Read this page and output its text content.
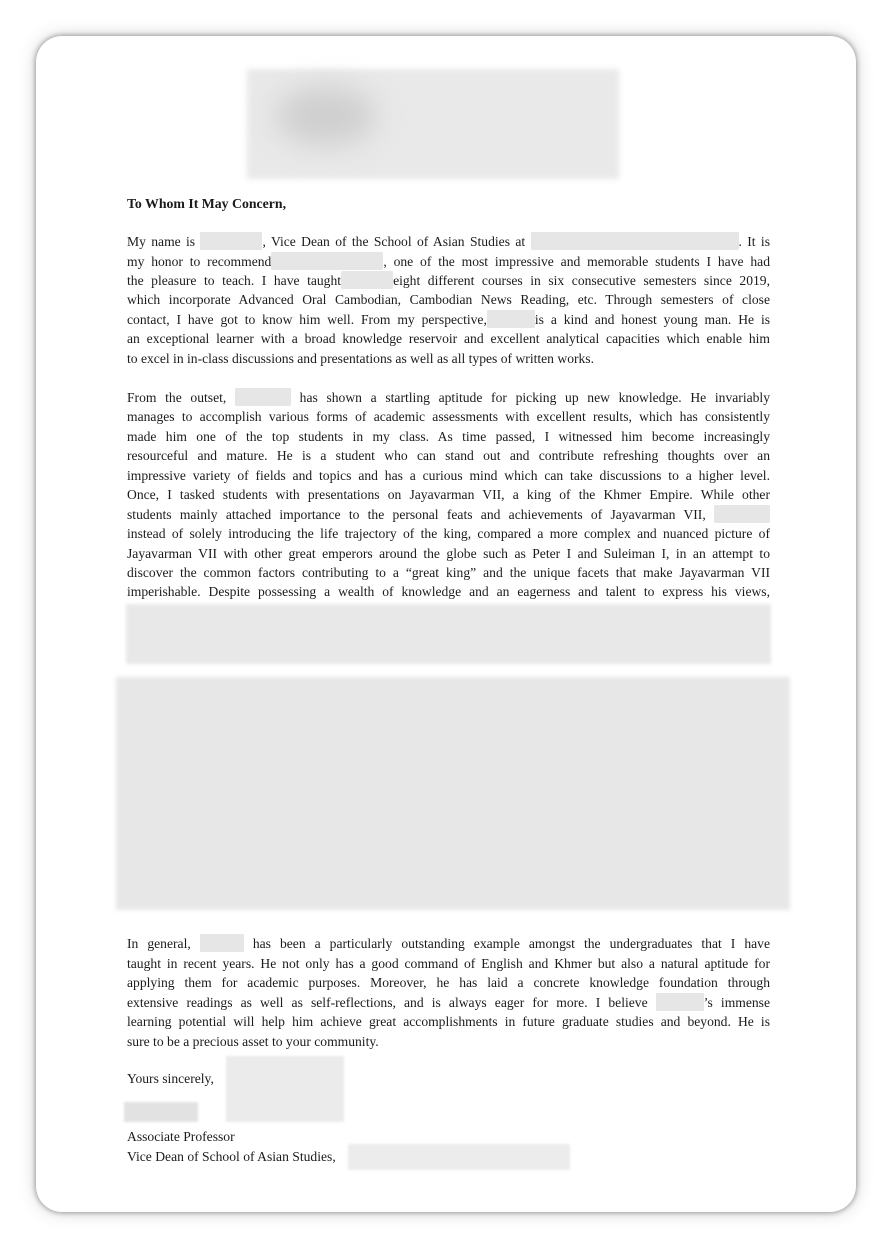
To Whom It May Concern,
My name is	, Vice Dean of the School of Asian Studies at	. It is
my honor to recommend	, one of the most impressive and memorable students I have had
the pleasure to teach. I have taught	eight different courses in six consecutive semesters since 2019,
which incorporate Advanced Oral Cambodian, Cambodian News Reading, etc. Through semesters of close
contact, I have got to know him well. From my perspective,	is a kind and honest young man. He is
an exceptional learner with a broad knowledge reservoir and excellent analytical capacities which enable him
to excel in in-class discussions and presentations as well as all types of written works.
From the outset,	has shown a startling aptitude for picking up new knowledge. He invariably
manages to accomplish various forms of academic assessments with excellent results, which has consistently
made him one of the top students in my class. As time passed, I witnessed him become increasingly
resourceful and mature. He is a student who can stand out and contribute refreshing thoughts over an
impressive variety of fields and topics and has a curious mind which can take discussions to a higher level.
Once, I tasked students with presentations on Jayavarman VII, a king of the Khmer Empire. While other
students mainly attached importance to the personal feats and achievements of Jayavarman VII,
instead of solely introducing the life trajectory of the king, compared a more complex and nuanced picture of
Jayavarman VII with other great emperors around the globe such as Peter I and Suleiman I, in an attempt to
discover the common factors contributing to a “great king” and the unique facets that make Jayavarman VII
imperishable. Despite possessing a wealth of knowledge and an eagerness and talent to express his views,
In general,	has been a particularly outstanding example amongst the undergraduates that I have
taught in recent years. He not only has a good command of English and Khmer but also a natural aptitude for
applying them for academic purposes. Moreover, he has laid a concrete knowledge foundation through
extensive readings as well as self-reflections, and is always eager for more. I believe	’s immense
learning potential will help him achieve great accomplishments in future graduate studies and beyond. He is
sure to be a precious asset to your community.
Yours sincerely,
Associate Professor
Vice Dean of School of Asian Studies,
